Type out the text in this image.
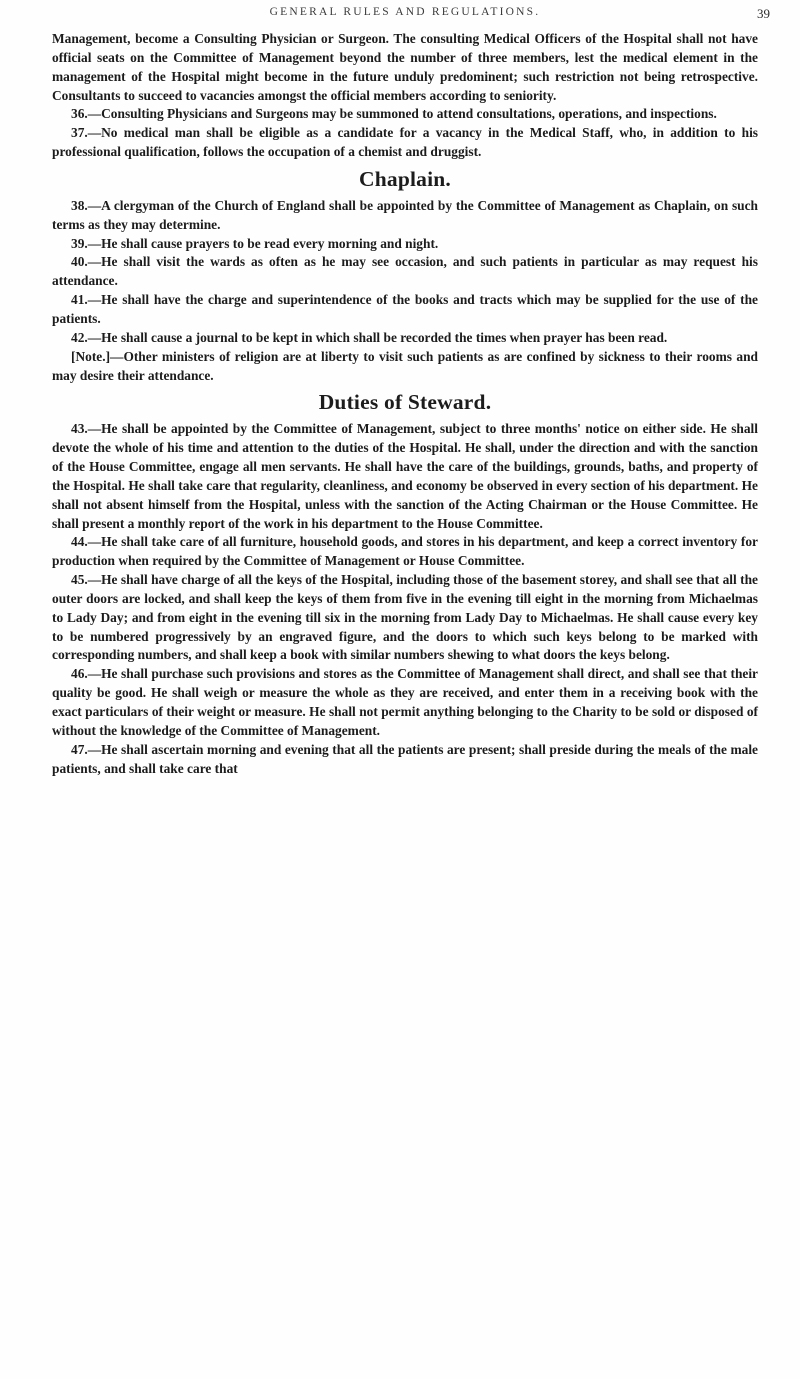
GENERAL RULES AND REGULATIONS.	39

Management, become a Consulting Physician or Surgeon. The consulting Medical Officers of the Hospital shall not have official seats on the Committee of Management beyond the number of three members, lest the medical element in the management of the Hospital might become in the future unduly predominent; such restriction not being retrospective. Consultants to succeed to vacancies amongst the official members according to seniority.

36.—Consulting Physicians and Surgeons may be summoned to attend consultations, operations, and inspections.

37.—No medical man shall be eligible as a candidate for a vacancy in the Medical Staff, who, in addition to his professional qualification, follows the occupation of a chemist and druggist.

Chaplain.

38.—A clergyman of the Church of England shall be appointed by the Committee of Management as Chaplain, on such terms as they may determine.

39.—He shall cause prayers to be read every morning and night.

40.—He shall visit the wards as often as he may see occasion, and such patients in particular as may request his attendance.

41.—He shall have the charge and superintendence of the books and tracts which may be supplied for the use of the patients.

42.—He shall cause a journal to be kept in which shall be recorded the times when prayer has been read.

[Note.]—Other ministers of religion are at liberty to visit such patients as are confined by sickness to their rooms and may desire their attendance.

Duties of Steward.

43.—He shall be appointed by the Committee of Management, subject to three months' notice on either side. He shall devote the whole of his time and attention to the duties of the Hospital. He shall, under the direction and with the sanction of the House Committee, engage all men servants. He shall have the care of the buildings, grounds, baths, and property of the Hospital. He shall take care that regularity, cleanliness, and economy be observed in every section of his department. He shall not absent himself from the Hospital, unless with the sanction of the Acting Chairman or the House Committee. He shall present a monthly report of the work in his department to the House Committee.

44.—He shall take care of all furniture, household goods, and stores in his department, and keep a correct inventory for production when required by the Committee of Management or House Committee.

45.—He shall have charge of all the keys of the Hospital, including those of the basement storey, and shall see that all the outer doors are locked, and shall keep the keys of them from five in the evening till eight in the morning from Michaelmas to Lady Day; and from eight in the evening till six in the morning from Lady Day to Michaelmas. He shall cause every key to be numbered progressively by an engraved figure, and the doors to which such keys belong to be marked with corresponding numbers, and shall keep a book with similar numbers shewing to what doors the keys belong.

46.—He shall purchase such provisions and stores as the Committee of Management shall direct, and shall see that their quality be good. He shall weigh or measure the whole as they are received, and enter them in a receiving book with the exact particulars of their weight or measure. He shall not permit anything belonging to the Charity to be sold or disposed of without the knowledge of the Committee of Management.

47.—He shall ascertain morning and evening that all the patients are present; shall preside during the meals of the male patients, and shall take care that
